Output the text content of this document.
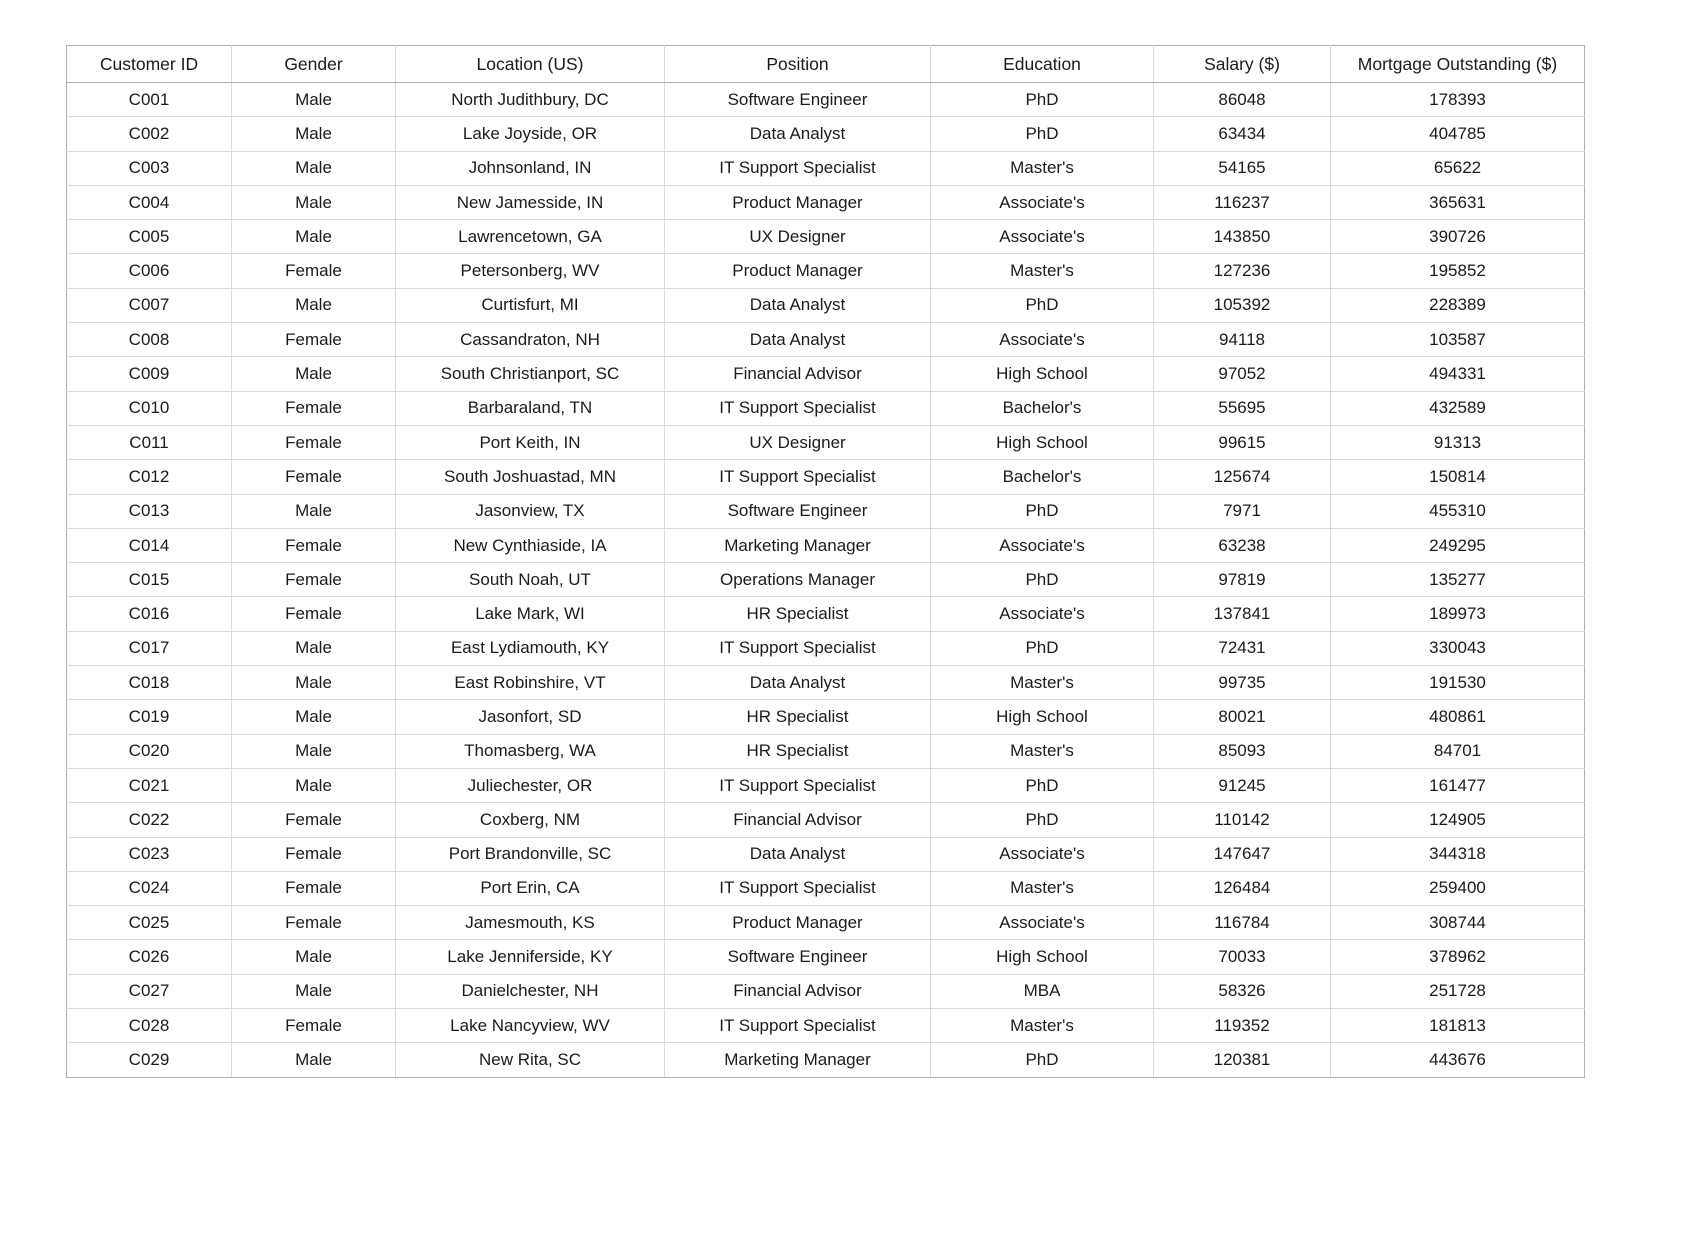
Customer ID	Gender	Location (US)	Position	Education	Salary ($)	Mortgage Outstanding ($)
C001	Male	North Judithbury, DC	Software Engineer	PhD	86048	178393
C002	Male	Lake Joyside, OR	Data Analyst	PhD	63434	404785
C003	Male	Johnsonland, IN	IT Support Specialist	Master's	54165	65622
C004	Male	New Jamesside, IN	Product Manager	Associate's	116237	365631
C005	Male	Lawrencetown, GA	UX Designer	Associate's	143850	390726
C006	Female	Petersonberg, WV	Product Manager	Master's	127236	195852
C007	Male	Curtisfurt, MI	Data Analyst	PhD	105392	228389
C008	Female	Cassandraton, NH	Data Analyst	Associate's	94118	103587
C009	Male	South Christianport, SC	Financial Advisor	High School	97052	494331
C010	Female	Barbaraland, TN	IT Support Specialist	Bachelor's	55695	432589
C011	Female	Port Keith, IN	UX Designer	High School	99615	91313
C012	Female	South Joshuastad, MN	IT Support Specialist	Bachelor's	125674	150814
C013	Male	Jasonview, TX	Software Engineer	PhD	7971	455310
C014	Female	New Cynthiaside, IA	Marketing Manager	Associate's	63238	249295
C015	Female	South Noah, UT	Operations Manager	PhD	97819	135277
C016	Female	Lake Mark, WI	HR Specialist	Associate's	137841	189973
C017	Male	East Lydiamouth, KY	IT Support Specialist	PhD	72431	330043
C018	Male	East Robinshire, VT	Data Analyst	Master's	99735	191530
C019	Male	Jasonfort, SD	HR Specialist	High School	80021	480861
C020	Male	Thomasberg, WA	HR Specialist	Master's	85093	84701
C021	Male	Juliechester, OR	IT Support Specialist	PhD	91245	161477
C022	Female	Coxberg, NM	Financial Advisor	PhD	110142	124905
C023	Female	Port Brandonville, SC	Data Analyst	Associate's	147647	344318
C024	Female	Port Erin, CA	IT Support Specialist	Master's	126484	259400
C025	Female	Jamesmouth, KS	Product Manager	Associate's	116784	308744
C026	Male	Lake Jenniferside, KY	Software Engineer	High School	70033	378962
C027	Male	Danielchester, NH	Financial Advisor	MBA	58326	251728
C028	Female	Lake Nancyview, WV	IT Support Specialist	Master's	119352	181813
C029	Male	New Rita, SC	Marketing Manager	PhD	120381	443676
